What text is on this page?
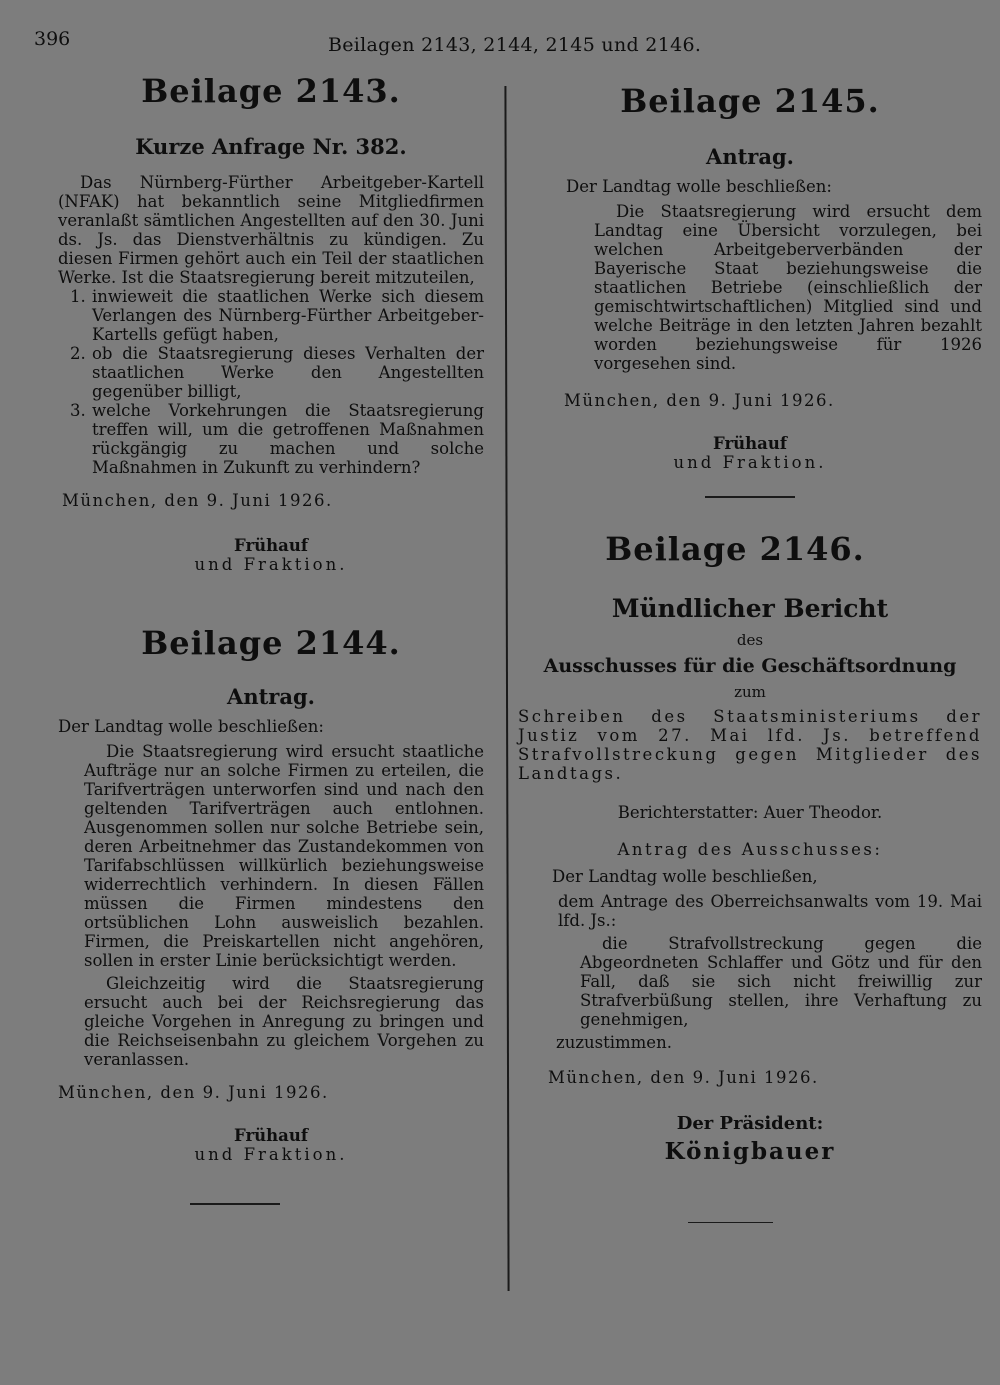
396	Beilagen 2143, 2144, 2145 und 2146.
Beilage 2143.
Kurze Anfrage Nr. 382.

Das Nürnberg-Fürther Arbeitgeber-Kartell (NFAK) hat bekanntlich seine Mitgliedfirmen veranlaßt sämtlichen Angestellten auf den 30. Juni ds. Js. das Dienstverhältnis zu kündigen. Zu diesen Firmen gehört auch ein Teil der staatlichen Werke. Ist die Staatsregierung bereit mitzuteilen,

1. inwieweit die staatlichen Werke sich diesem Verlangen des Nürnberg-Fürther Arbeitgeber-Kartells gefügt haben,
2. ob die Staatsregierung dieses Verhalten der staatlichen Werke den Angestellten gegenüber billigt,
3. welche Vorkehrungen die Staatsregierung treffen will, um die getroffenen Maßnahmen rückgängig zu machen und solche Maßnahmen in Zukunft zu verhindern?

München, den 9. Juni 1926.

Frühauf

und Fraktion.

Beilage 2144.
Antrag.

Der Landtag wolle beschließen:

Die Staatsregierung wird ersucht staatliche Aufträge nur an solche Firmen zu erteilen, die Tarifverträgen unterworfen sind und nach den geltenden Tarifverträgen auch entlohnen. Ausgenommen sollen nur solche Betriebe sein, deren Arbeitnehmer das Zustandekommen von Tarifabschlüssen willkürlich beziehungsweise widerrechtlich verhindern. In diesen Fällen müssen die Firmen mindestens den ortsüblichen Lohn ausweislich bezahlen. Firmen, die Preiskartellen nicht angehören, sollen in erster Linie berücksichtigt werden.

Gleichzeitig wird die Staatsregierung ersucht auch bei der Reichsregierung das gleiche Vorgehen in Anregung zu bringen und die Reichseisenbahn zu gleichem Vorgehen zu veranlassen.

München, den 9. Juni 1926.

Frühauf

und Fraktion.

Beilage 2145.
Antrag.

Der Landtag wolle beschließen:

Die Staatsregierung wird ersucht dem Landtag eine Übersicht vorzulegen, bei welchen Arbeitgeberverbänden der Bayerische Staat beziehungsweise die staatlichen Betriebe (einschließlich der gemischtwirtschaftlichen) Mitglied sind und welche Beiträge in den letzten Jahren bezahlt worden beziehungsweise für 1926 vorgesehen sind.

München, den 9. Juni 1926.

Frühauf

und Fraktion.

Beilage 2146.
Mündlicher Bericht

des

Ausschusses für die Geschäftsordnung

zum

Schreiben des Staatsministeriums der Justiz vom 27. Mai lfd. Js. betreffend Strafvollstreckung gegen Mitglieder des Landtags.

Berichterstatter: Auer Theodor.

Antrag des Ausschusses:

Der Landtag wolle beschließen,

dem Antrage des Oberreichsanwalts vom 19. Mai lfd. Js.:

die Strafvollstreckung gegen die Abgeordneten Schlaffer und Götz und für den Fall, daß sie sich nicht freiwillig zur Strafverbüßung stellen, ihre Verhaftung zu genehmigen,

zuzustimmen.

München, den 9. Juni 1926.

Der Präsident:

Königbauer
